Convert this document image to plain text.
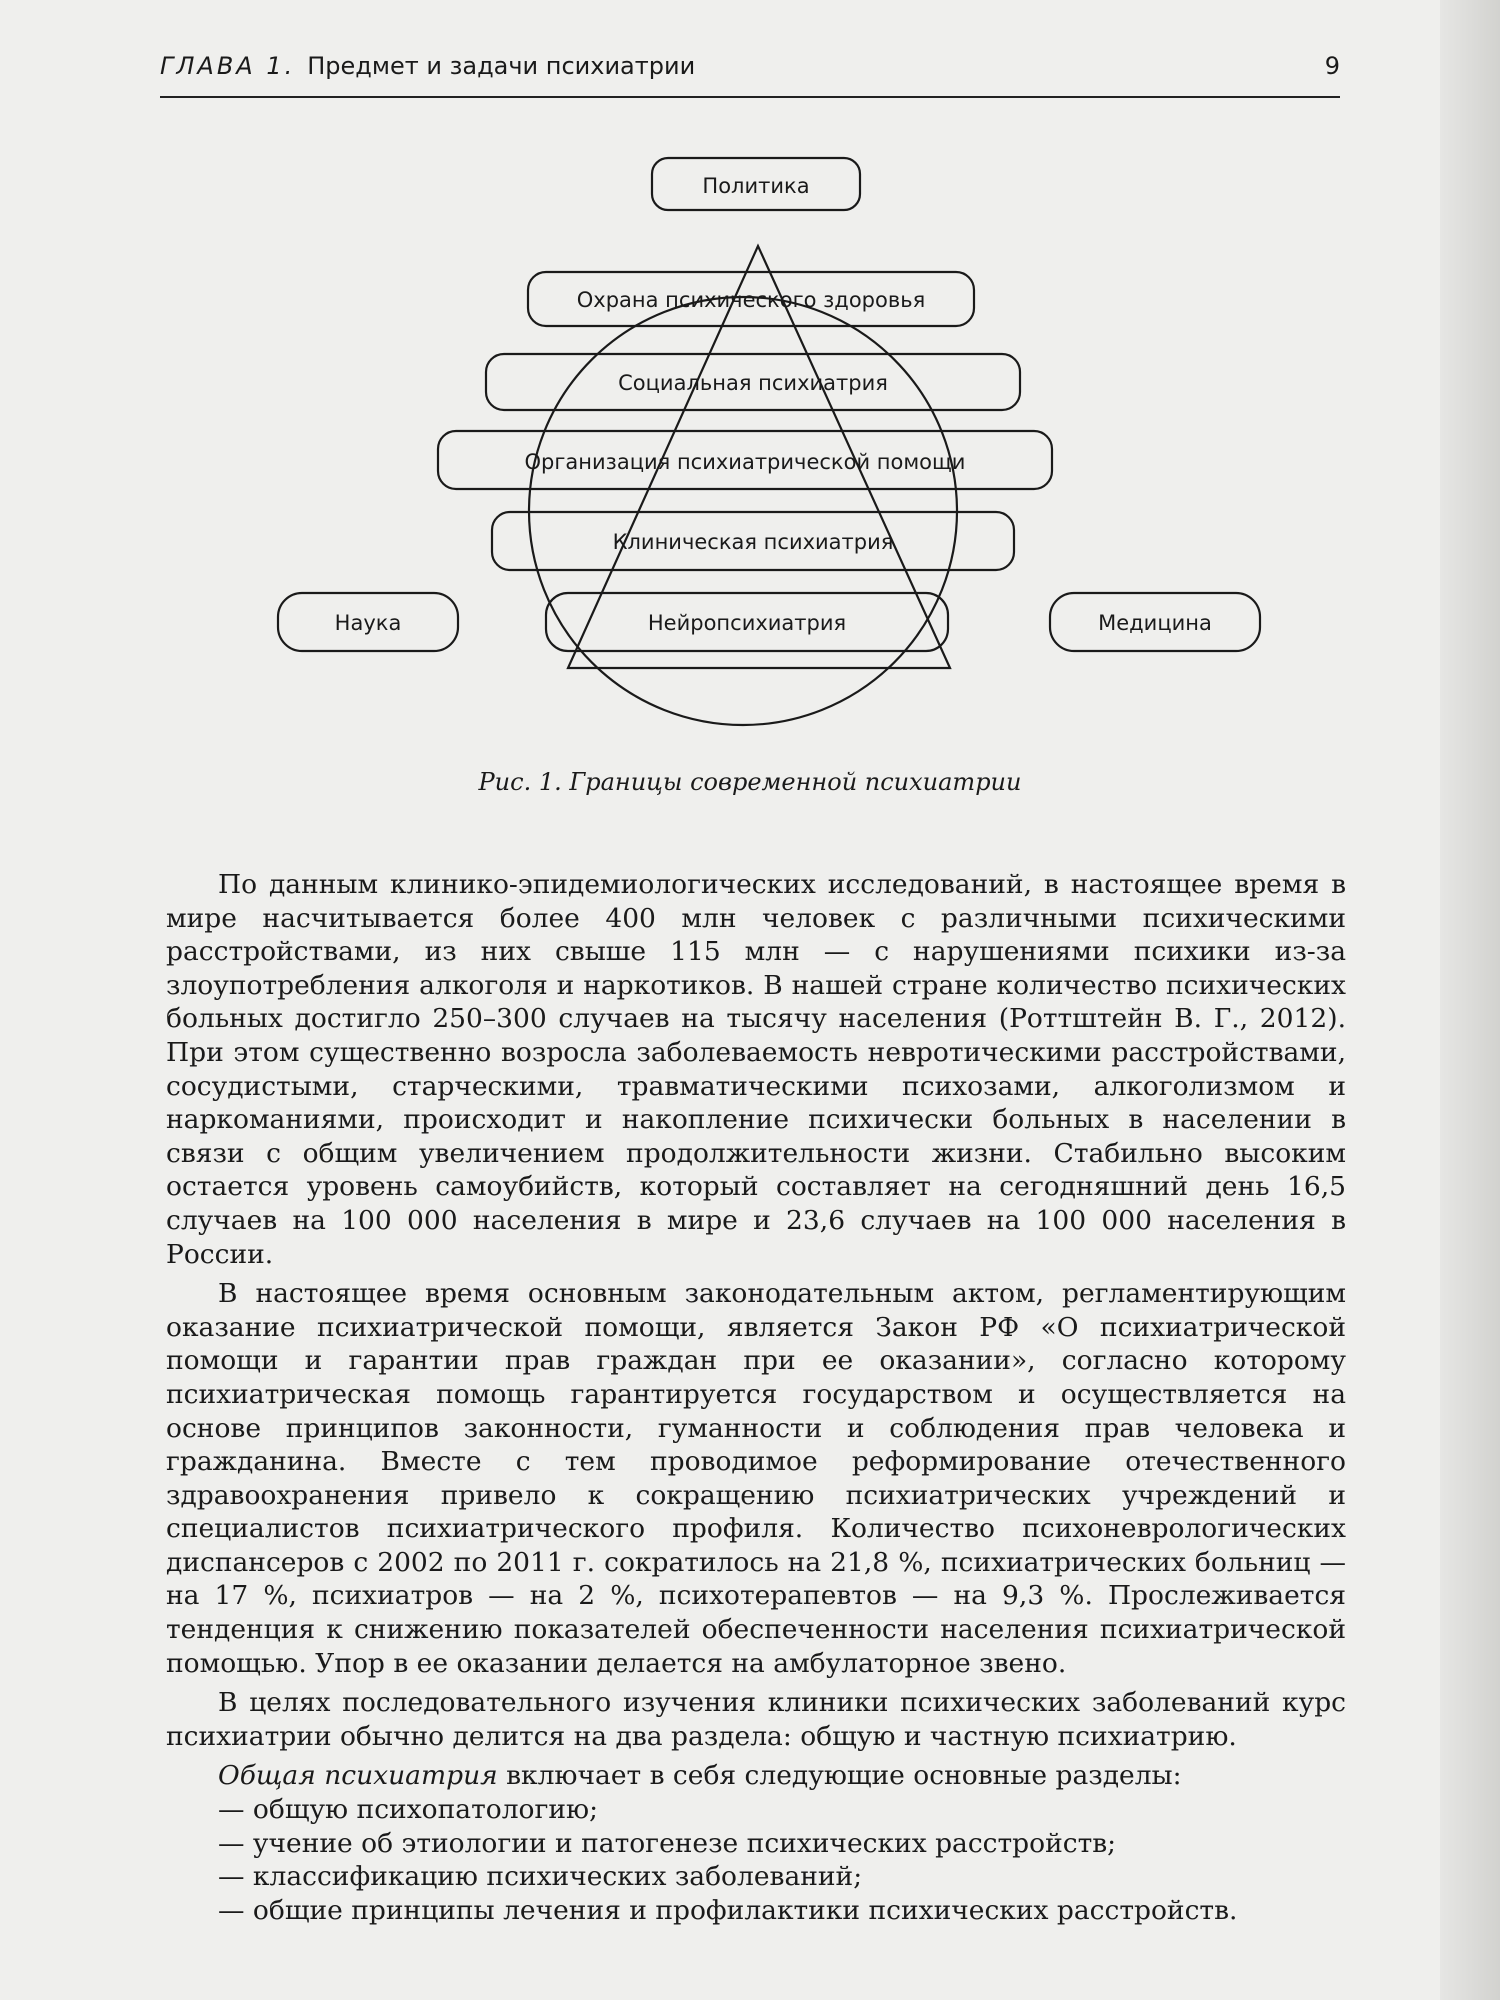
ГЛАВА 1. Предмет и задачи психиатрии	9
Политика
Охрана психического здоровья
Социальная психиатрия
Организация психиатрической помощи
Клиническая психиатрия
Нейропсихиатрия
Наука	Медицина
Рис. 1. Границы современной психиатрии

По данным клинико-эпидемиологических исследований, в настоящее время в мире насчитывается более 400 млн человек с различными психическими расстройствами, из них свыше 115 млн — с нарушениями психики из-за злоупотребления алкоголя и наркотиков. В нашей стране количество психических больных достигло 250–300 случаев на тысячу населения (Роттштейн В. Г., 2012). При этом существенно возросла заболеваемость невротическими расстройствами, сосудистыми, старческими, травматическими психозами, алкоголизмом и наркоманиями, происходит и накопление психически больных в населении в связи с общим увеличением продолжительности жизни. Стабильно высоким остается уровень самоубийств, который составляет на сегодняшний день 16,5 случаев на 100 000 населения в мире и 23,6 случаев на 100 000 населения в России.

В настоящее время основным законодательным актом, регламентирующим оказание психиатрической помощи, является Закон РФ «О психиатрической помощи и гарантии прав граждан при ее оказании», согласно которому психиатрическая помощь гарантируется государством и осуществляется на основе принципов законности, гуманности и соблюдения прав человека и гражданина. Вместе с тем проводимое реформирование отечественного здравоохранения привело к сокращению психиатрических учреждений и специалистов психиатрического профиля. Количество психоневрологических диспансеров с 2002 по 2011 г. сократилось на 21,8 %, психиатрических больниц — на 17 %, психиатров — на 2 %, психотерапевтов — на 9,3 %. Прослеживается тенденция к снижению показателей обеспеченности населения психиатрической помощью. Упор в ее оказании делается на амбулаторное звено.

В целях последовательного изучения клиники психических заболеваний курс психиатрии обычно делится на два раздела: общую и частную психиатрию.

Общая психиатрия включает в себя следующие основные разделы:

— общую психопатологию;
— учение об этиологии и патогенезе психических расстройств;
— классификацию психических заболеваний;
— общие принципы лечения и профилактики психических расстройств.
